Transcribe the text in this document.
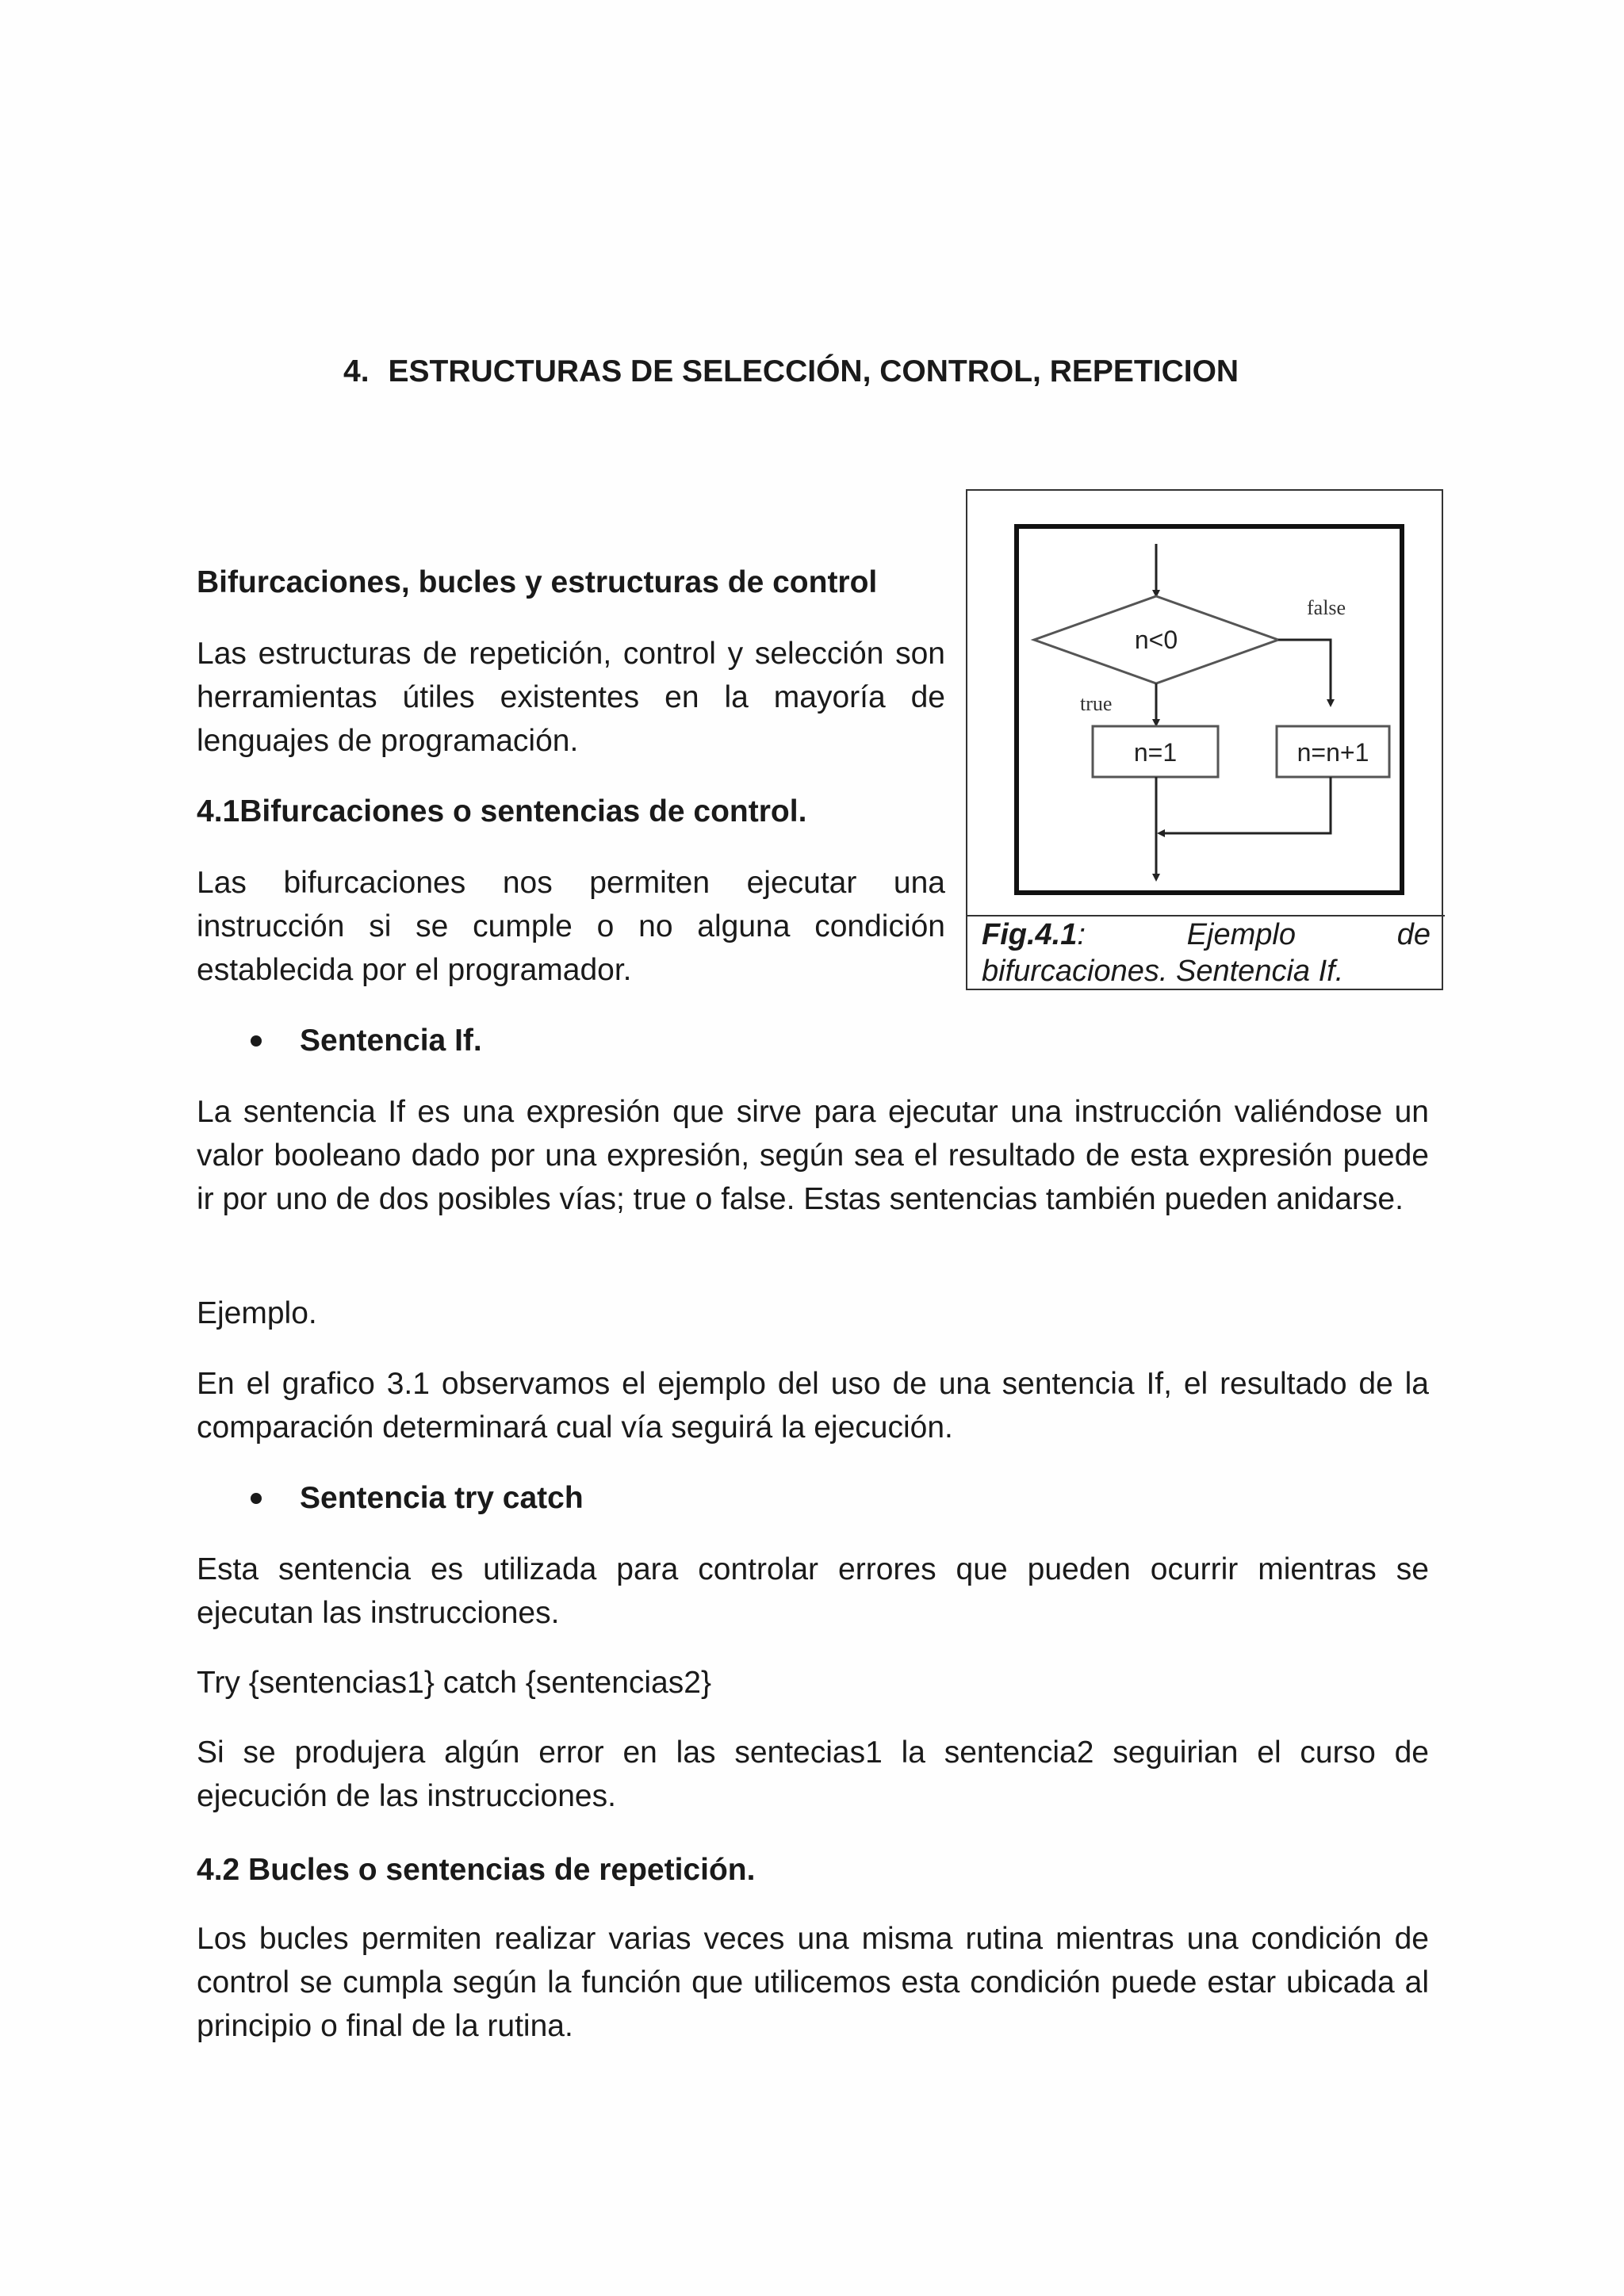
4. ESTRUCTURAS DE SELECCIÓN, CONTROL, REPETICION
Bifurcaciones, bucles y estructuras de control

Las estructuras de repetición, control y selección son herramientas útiles existentes en la mayoría de lenguajes de programación.

4.1Bifurcaciones o sentencias de control.

Las bifurcaciones nos permiten ejecutar una instrucción si se cumple o no alguna condición establecida por el programador.

n<0
false
true
n=1	n=n+1
Fig.4.1:	Ejemplo	de
bifurcaciones. Sentencia If.
Sentencia If.

La sentencia If es una expresión que sirve para ejecutar una instrucción valiéndose un valor booleano dado por una expresión, según sea el resultado de esta expresión puede ir por uno de dos posibles vías; true o false. Estas sentencias también pueden anidarse.

Ejemplo.

En el grafico 3.1 observamos el ejemplo del uso de una sentencia If, el resultado de la comparación determinará cual vía seguirá la ejecución.

Sentencia try catch

Esta sentencia es utilizada para controlar errores que pueden ocurrir mientras se ejecutan las instrucciones.

Try {sentencias1} catch {sentencias2}

Si se produjera algún error en las sentecias1 la sentencia2 seguirian el curso de ejecución de las instrucciones.

4.2 Bucles o sentencias de repetición.

Los bucles permiten realizar varias veces una misma rutina mientras una condición de control se cumpla según la función que utilicemos esta condición puede estar ubicada al principio o final de la rutina.
